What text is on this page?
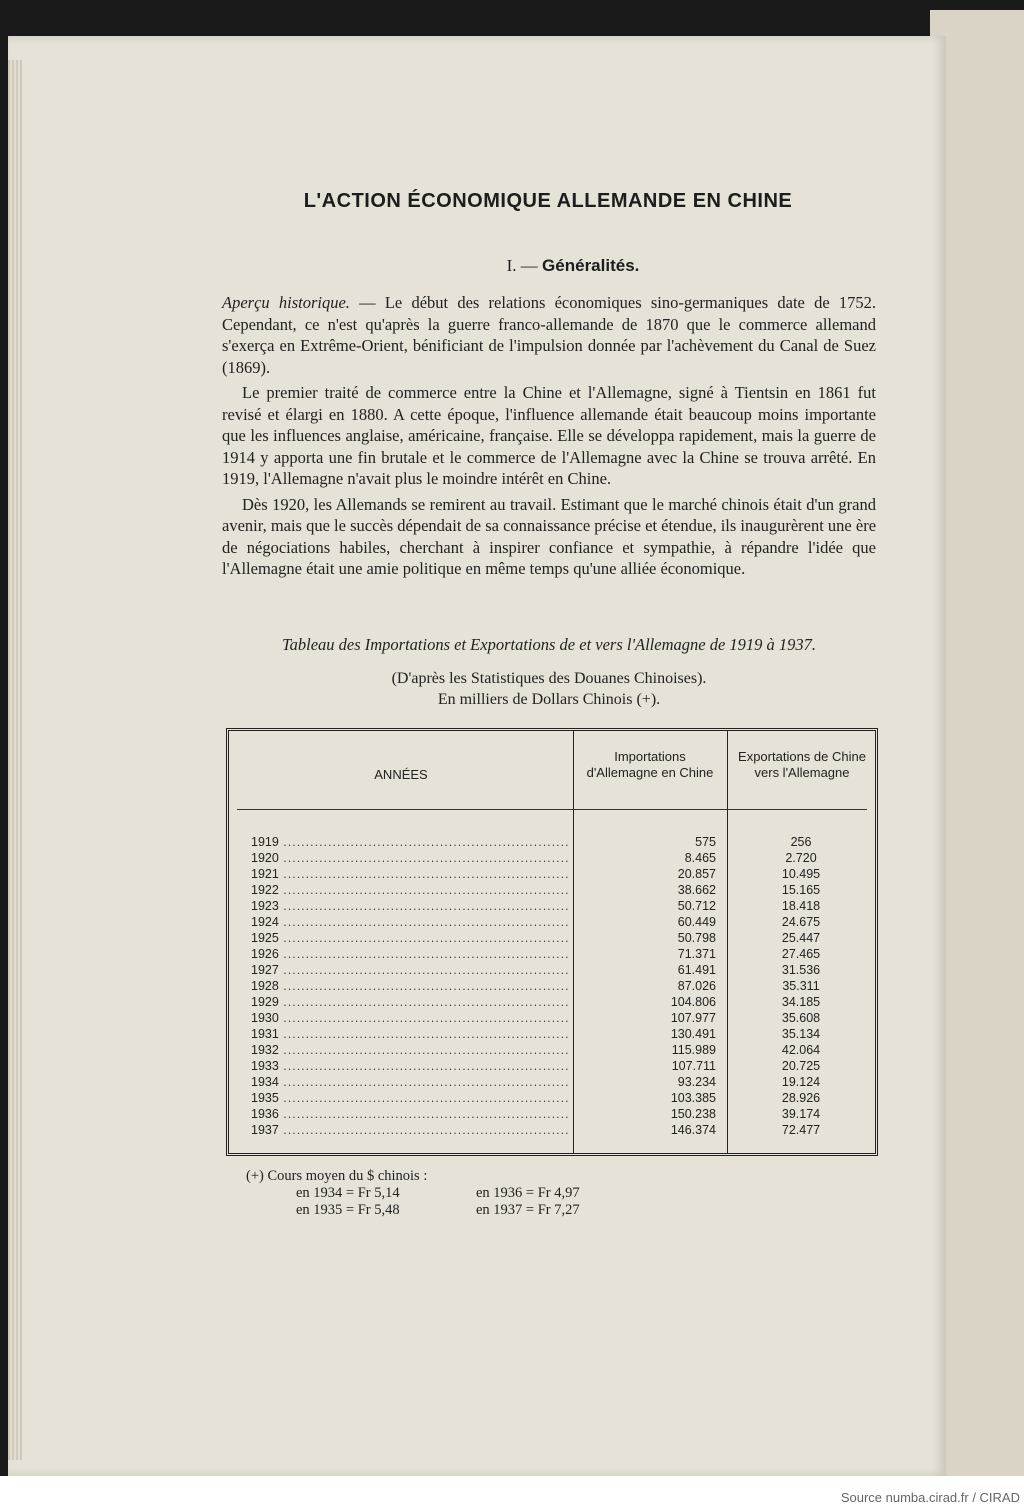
L'ACTION ÉCONOMIQUE ALLEMANDE EN CHINE
I. — Généralités.

Aperçu historique. — Le début des relations économiques sino-germaniques date de 1752. Cependant, ce n'est qu'après la guerre franco-allemande de 1870 que le commerce allemand s'exerça en Extrême-Orient, bénificiant de l'impulsion donnée par l'achèvement du Canal de Suez (1869).

Le premier traité de commerce entre la Chine et l'Allemagne, signé à Tientsin en 1861 fut revisé et élargi en 1880. A cette époque, l'influence allemande était beaucoup moins importante que les influences anglaise, américaine, française. Elle se développa rapidement, mais la guerre de 1914 y apporta une fin brutale et le commerce de l'Allemagne avec la Chine se trouva arrêté. En 1919, l'Allemagne n'avait plus le moindre intérêt en Chine.

Dès 1920, les Allemands se remirent au travail. Estimant que le marché chinois était d'un grand avenir, mais que le succès dépendait de sa connaissance précise et étendue, ils inaugurèrent une ère de négociations habiles, cherchant à inspirer confiance et sympathie, à répandre l'idée que l'Allemagne était une amie politique en même temps qu'une alliée économique.

Tableau des Importations et Exportations de et vers l'Allemagne de 1919 à 1937.
(D'après les Statistiques des Douanes Chinoises).
En milliers de Dollars Chinois (+).
ANNÉES
Importations d'Allemagne en Chine
Exportations de Chine vers l'Allemagne
1919 .....	575	256
1920 .....	8.465	2.720
1921 .....	20.857	10.495
1922 .....	38.662	15.165
1923 .....	50.712	18.418
1924 .....	60.449	24.675
1925 .....	50.798	25.447
1926 .....	71.371	27.465
1927 .....	61.491	31.536
1928 .....	87.026	35.311
1929 .....	104.806	34.185
1930 .....	107.977	35.608
1931 .....	130.491	35.134
1932 .....	115.989	42.064
1933 .....	107.711	20.725
1934 .....	93.234	19.124
1935 .....	103.385	28.926
1936 .....	150.238	39.174
1937 .....	146.374	72.477
(+) Cours moyen du $ chinois :
en 1934 = Fr 5,14	en 1936 = Fr 4,97
en 1935 = Fr 5,48	en 1937 = Fr 7,27
Source numba.cirad.fr / CIRAD
